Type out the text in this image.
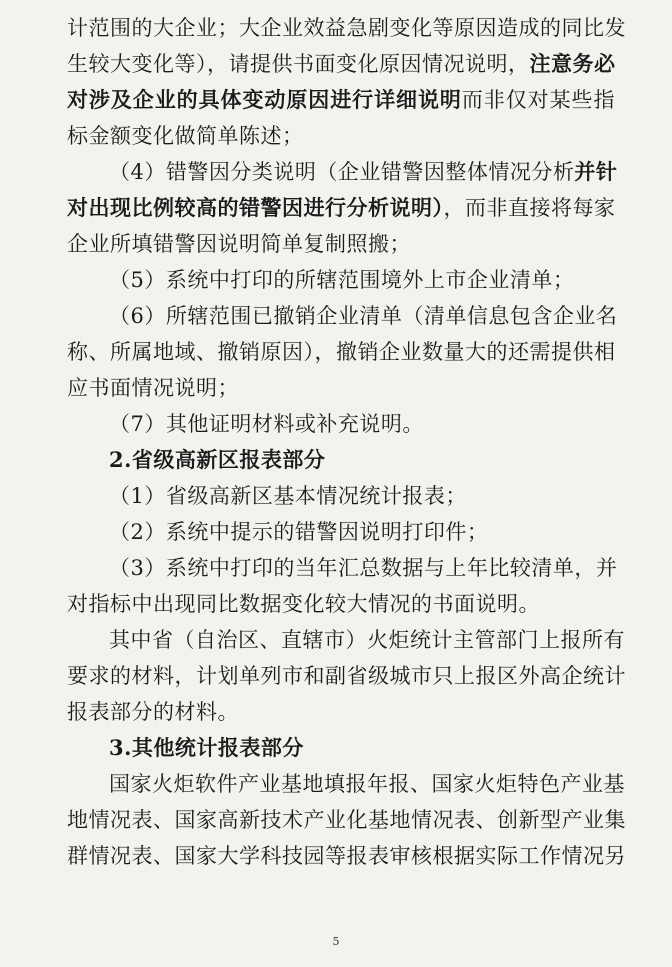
计范围的大企业；大企业效益急剧变化等原因造成的同比发
生较大变化等），请提供书面变化原因情况说明，注意务必
对涉及企业的具体变动原因进行详细说明而非仅对某些指
标金额变化做简单陈述；
（4）错警因分类说明（企业错警因整体情况分析并针
对出现比例较高的错警因进行分析说明），而非直接将每家
企业所填错警因说明简单复制照搬；
（5）系统中打印的所辖范围境外上市企业清单；
（6）所辖范围已撤销企业清单（清单信息包含企业名
称、所属地域、撤销原因），撤销企业数量大的还需提供相
应书面情况说明；
（7）其他证明材料或补充说明。
2.省级高新区报表部分
（1）省级高新区基本情况统计报表；
（2）系统中提示的错警因说明打印件；
（3）系统中打印的当年汇总数据与上年比较清单，并
对指标中出现同比数据变化较大情况的书面说明。
其中省（自治区、直辖市）火炬统计主管部门上报所有
要求的材料，计划单列市和副省级城市只上报区外高企统计
报表部分的材料。
3.其他统计报表部分
国家火炬软件产业基地填报年报、国家火炬特色产业基
地情况表、国家高新技术产业化基地情况表、创新型产业集
群情况表、国家大学科技园等报表审核根据实际工作情况另
5
